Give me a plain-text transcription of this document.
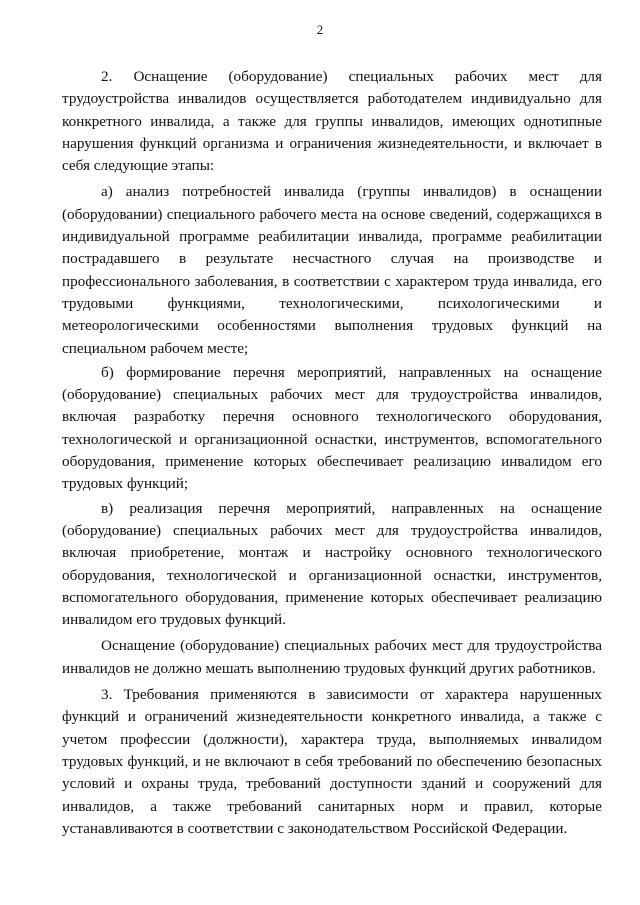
2

2. Оснащение (оборудование) специальных рабочих мест для трудоустройства инвалидов осуществляется работодателем индивидуально для конкретного инвалида, а также для группы инвалидов, имеющих однотипные нарушения функций организма и ограничения жизнедеятельности, и включает в себя следующие этапы:

а) анализ потребностей инвалида (группы инвалидов) в оснащении (оборудовании) специального рабочего места на основе сведений, содержащихся в индивидуальной программе реабилитации инвалида, программе реабилитации пострадавшего в результате несчастного случая на производстве и профессионального заболевания, в соответствии с характером труда инвалида, его трудовыми функциями, технологическими, психологическими и метеорологическими особенностями выполнения трудовых функций на специальном рабочем месте;

б) формирование перечня мероприятий, направленных на оснащение (оборудование) специальных рабочих мест для трудоустройства инвалидов, включая разработку перечня основного технологического оборудования, технологической и организационной оснастки, инструментов, вспомогательного оборудования, применение которых обеспечивает реализацию инвалидом его трудовых функций;

в) реализация перечня мероприятий, направленных на оснащение (оборудование) специальных рабочих мест для трудоустройства инвалидов, включая приобретение, монтаж и настройку основного технологического оборудования, технологической и организационной оснастки, инструментов, вспомогательного оборудования, применение которых обеспечивает реализацию инвалидом его трудовых функций.

Оснащение (оборудование) специальных рабочих мест для трудоустройства инвалидов не должно мешать выполнению трудовых функций других работников.

3. Требования применяются в зависимости от характера нарушенных функций и ограничений жизнедеятельности конкретного инвалида, а также с учетом профессии (должности), характера труда, выполняемых инвалидом трудовых функций, и не включают в себя требований по обеспечению безопасных условий и охраны труда, требований доступности зданий и сооружений для инвалидов, а также требований санитарных норм и правил, которые устанавливаются в соответствии с законодательством Российской Федерации.
